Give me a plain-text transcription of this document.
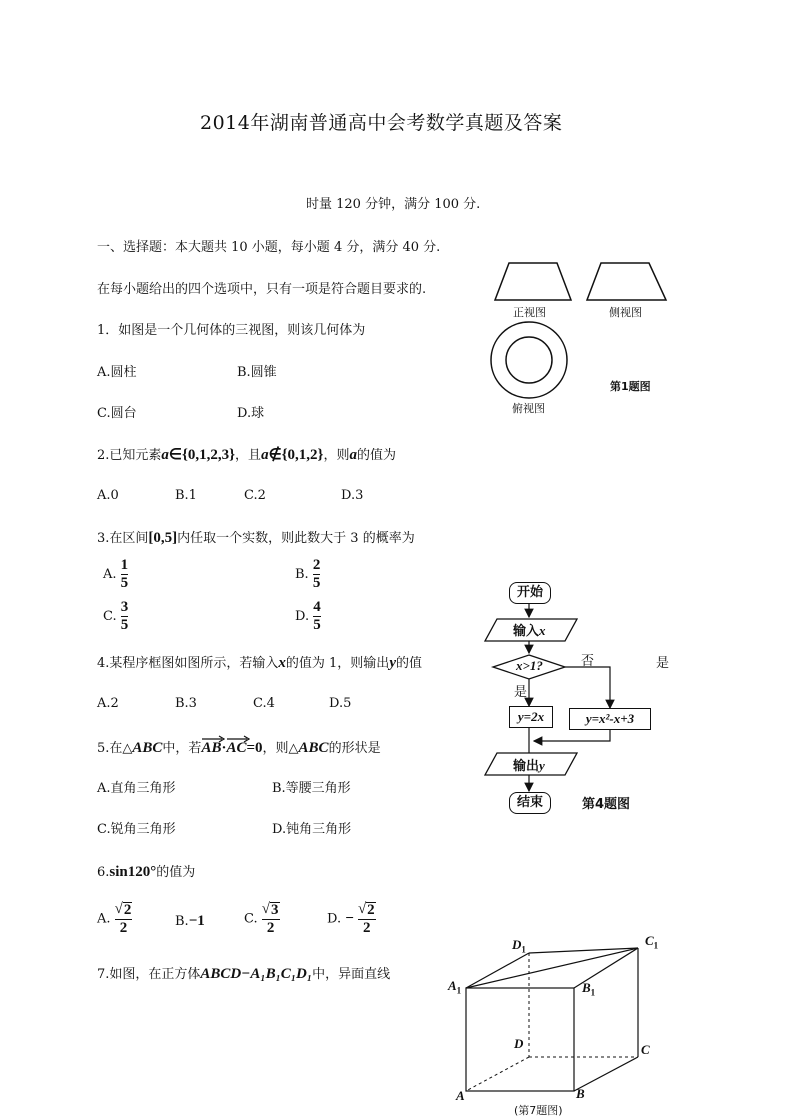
2014年湖南普通高中会考数学真题及答案
时量 120 分钟，满分 100 分.
一、选择题：本大题共 10 小题，每小题 4 分，满分 40 分.
在每小题给出的四个选项中，只有一项是符合题目要求的.
1．如图是一个几何体的三视图，则该几何体为
A.圆柱	B.圆锥
C.圆台	D.球
正视图	侧视图
俯视图
第1题图
2.已知元素a∈{0,1,2,3}，且a∉{0,1,2}，则a的值为
A.0	B.1	C.2	D.3
3.在区间[0,5]内任取一个实数，则此数大于 3 的概率为
A. $\frac{1}{5}$	B. $\frac{2}{5}$
C. $\frac{3}{5}$	D. $\frac{4}{5}$
4.某程序框图如图所示，若输入x的值为 1，则输出y的值	是
A.2	B.3	C.4	D.5
开始
输入x
x>1?	否
是
y=2x	y=x²-x+3
输出y
结束	第4题图
5.在△ABC中，若
AB·
AC=0，则△ABC的形状是
A.直角三角形	B.等腰三角形
C.锐角三角形	D.钝角三角形
6.sin120°的值为
A. $\frac{√ 2}{2}$	B.−1	C. $\frac{√ 3}{2}$	D. − $\frac{√ 2}{2}$
7.如图，在正方体ABCD−A₁B₁C₁D₁中，异面直线
$D_1$
$C_1$
$A_1$	$B_1$
D	C
A	B
(第7题图)
